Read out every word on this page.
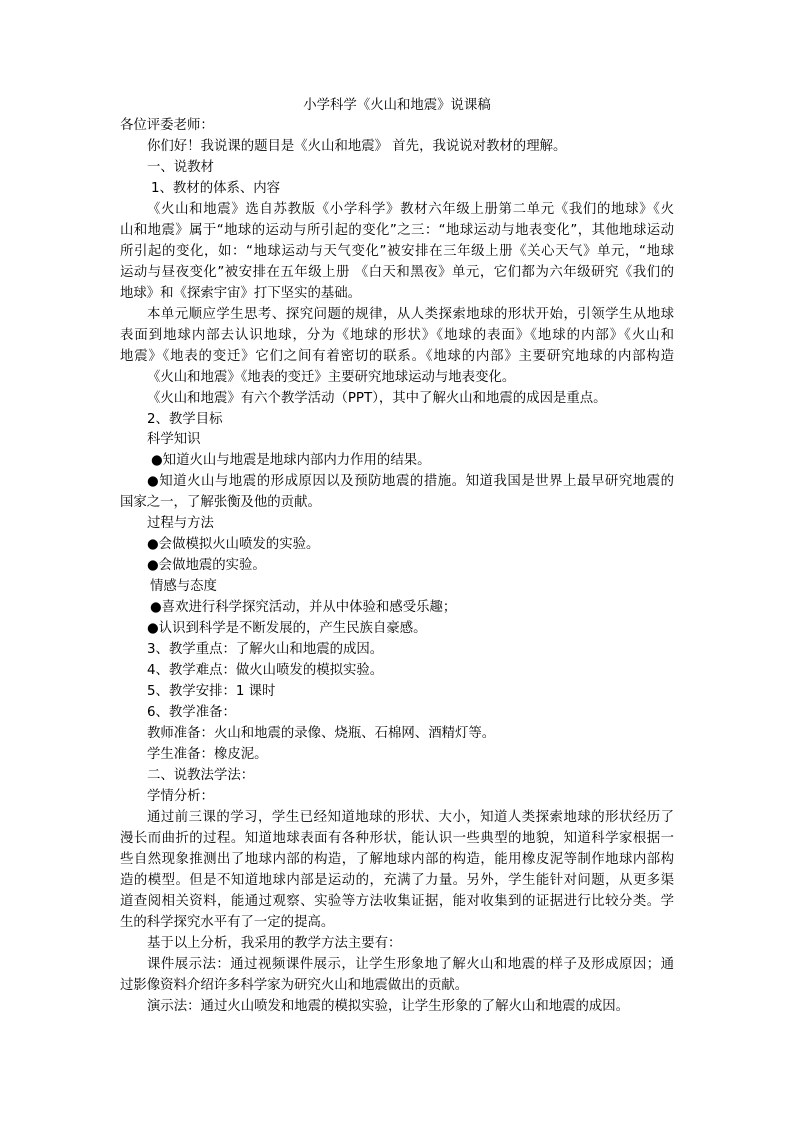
小学科学《火山和地震》说课稿
各位评委老师：
你们好！我说课的题目是《火山和地震》 首先，我说说对教材的理解。
一、说教材
1、教材的体系、内容
《火山和地震》选自苏教版《小学科学》教材六年级上册第二单元《我们的地球》《火
山和地震》属于“地球的运动与所引起的变化”之三：“地球运动与地表变化”，其他地球运动
所引起的变化，如：“地球运动与天气变化”被安排在三年级上册《关心天气》单元，“地球
运动与昼夜变化”被安排在五年级上册 《白天和黑夜》单元，它们都为六年级研究《我们的
地球》和《探索宇宙》打下坚实的基础。
本单元顺应学生思考、探究问题的规律，从人类探索地球的形状开始，引领学生从地球
表面到地球内部去认识地球，分为《地球的形状》《地球的表面》《地球的内部》《火山和
地震》《地表的变迁》它们之间有着密切的联系。《地球的内部》主要研究地球的内部构造
《火山和地震》《地表的变迁》主要研究地球运动与地表变化。
《火山和地震》有六个教学活动（PPT），其中了解火山和地震的成因是重点。
2、教学目标
科学知识
●知道火山与地震是地球内部内力作用的结果。
●知道火山与地震的形成原因以及预防地震的措施。知道我国是世界上最早研究地震的
国家之一，了解张衡及他的贡献。
过程与方法
●会做模拟火山喷发的实验。
●会做地震的实验。
情感与态度
●喜欢进行科学探究活动，并从中体验和感受乐趣；
●认识到科学是不断发展的，产生民族自豪感。
3、教学重点：了解火山和地震的成因。
4、教学难点：做火山喷发的模拟实验。
5、教学安排：1 课时
6、教学准备：
教师准备：火山和地震的录像、烧瓶、石棉网、酒精灯等。
学生准备：橡皮泥。
二、说教法学法：
学情分析：
通过前三课的学习，学生已经知道地球的形状、大小，知道人类探索地球的形状经历了
漫长而曲折的过程。知道地球表面有各种形状，能认识一些典型的地貌，知道科学家根据一
些自然现象推测出了地球内部的构造，了解地球内部的构造，能用橡皮泥等制作地球内部构
造的模型。但是不知道地球内部是运动的，充满了力量。另外，学生能针对问题，从更多渠
道查阅相关资料，能通过观察、实验等方法收集证据，能对收集到的证据进行比较分类。学
生的科学探究水平有了一定的提高。
基于以上分析，我采用的教学方法主要有：
课件展示法：通过视频课件展示，让学生形象地了解火山和地震的样子及形成原因；通
过影像资料介绍许多科学家为研究火山和地震做出的贡献。
演示法：通过火山喷发和地震的模拟实验，让学生形象的了解火山和地震的成因。
